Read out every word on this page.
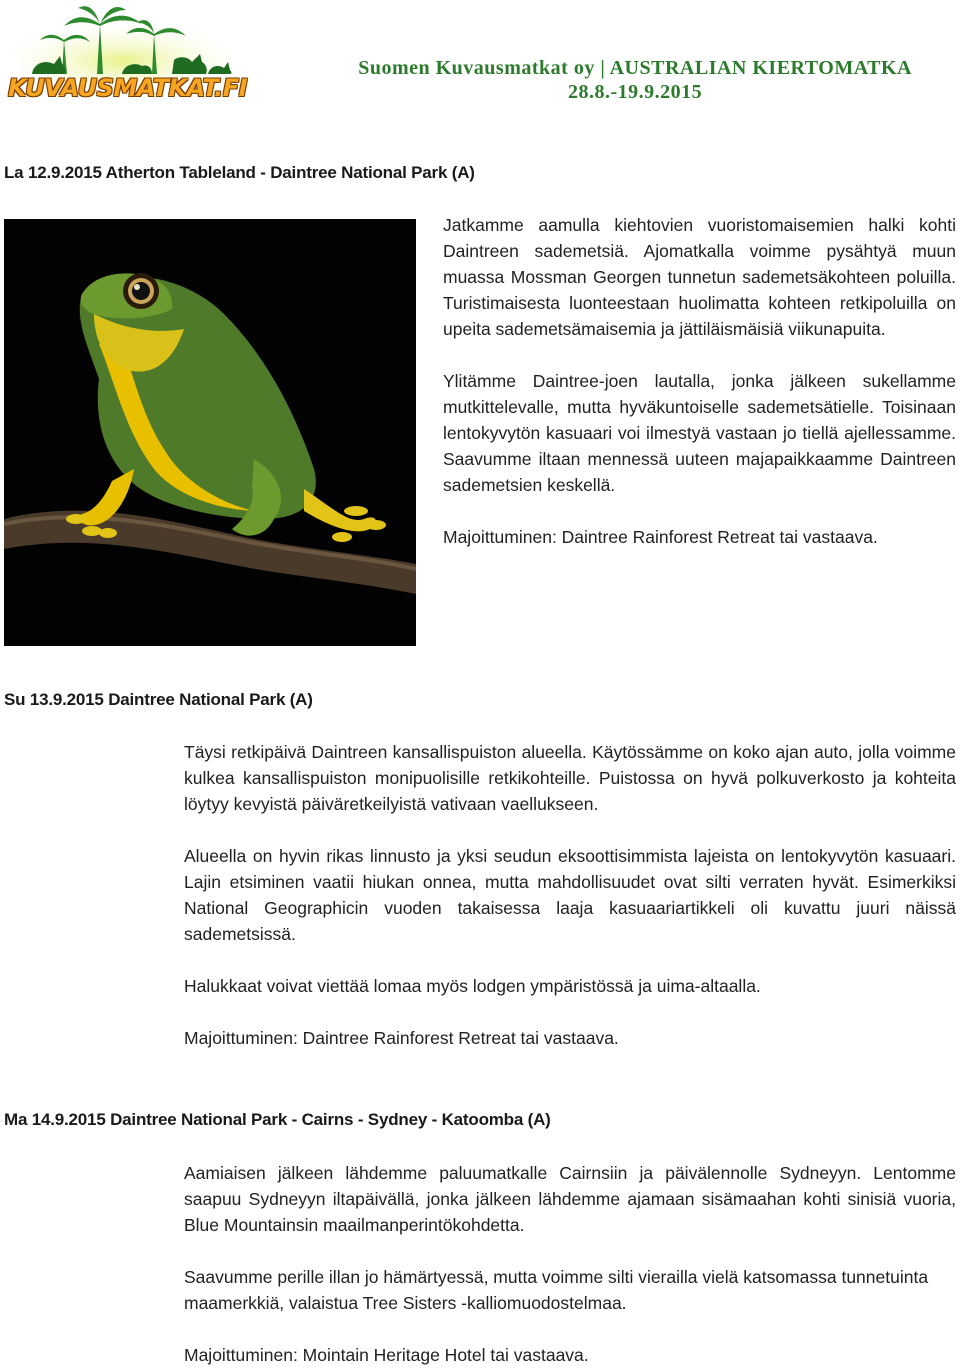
KUVAUSMATKAT.FI
Suomen Kuvausmatkat oy | AUSTRALIAN KIERTOMATKA
28.8.-19.9.2015
La 12.9.2015 Atherton Tableland - Daintree National Park (A)

Jatkamme aamulla kiehtovien vuoristomaisemien halki kohti Daintreen sademetsiä. Ajomatkalla voimme pysähtyä muun muassa Mossman Georgen tunnetun sademetsäkohteen poluilla. Turistimaisesta luonteestaan huolimatta kohteen retkipoluilla on upeita sademetsämaisemia ja jättiläismäisiä viikunapuita.

Ylitämme Daintree-joen lautalla, jonka jälkeen sukellamme mutkittelevalle, mutta hyväkuntoiselle sademetsätielle. Toisinaan lentokyvytön kasuaari voi ilmestyä vastaan jo tiellä ajellessamme. Saavumme iltaan mennessä uuteen majapaikkaamme Daintreen sademetsien keskellä.

Majoittuminen: Daintree Rainforest Retreat tai vastaava.

Su 13.9.2015 Daintree National Park (A)

Täysi retkipäivä Daintreen kansallispuiston alueella. Käytössämme on koko ajan auto, jolla voimme kulkea kansallispuiston monipuolisille retkikohteille. Puistossa on hyvä polkuverkosto ja kohteita löytyy kevyistä päiväretkeilyistä vativaan vaellukseen.

Alueella on hyvin rikas linnusto ja yksi seudun eksoottisimmista lajeista on lentokyvytön kasuaari. Lajin etsiminen vaatii hiukan onnea, mutta mahdollisuudet ovat silti verraten hyvät. Esimerkiksi National Geographicin vuoden takaisessa laaja kasuaariartikkeli oli kuvattu juuri näissä sademetsissä.

Halukkaat voivat viettää lomaa myös lodgen ympäristössä ja uima-altaalla.

Majoittuminen: Daintree Rainforest Retreat tai vastaava.

Ma 14.9.2015 Daintree National Park - Cairns - Sydney - Katoomba (A)

Aamiaisen jälkeen lähdemme paluumatkalle Cairnsiin ja päivälennolle Sydneyyn. Lentomme saapuu Sydneyyn iltapäivällä, jonka jälkeen lähdemme ajamaan sisämaahan kohti sinisiä vuoria, Blue Mountainsin maailmanperintökohdetta.

Saavumme perille illan jo hämärtyessä, mutta voimme silti vierailla vielä katsomassa tunnetuinta maamerkkiä, valaistua Tree Sisters -kalliomuodostelmaa.

Majoittuminen: Mointain Heritage Hotel tai vastaava.
